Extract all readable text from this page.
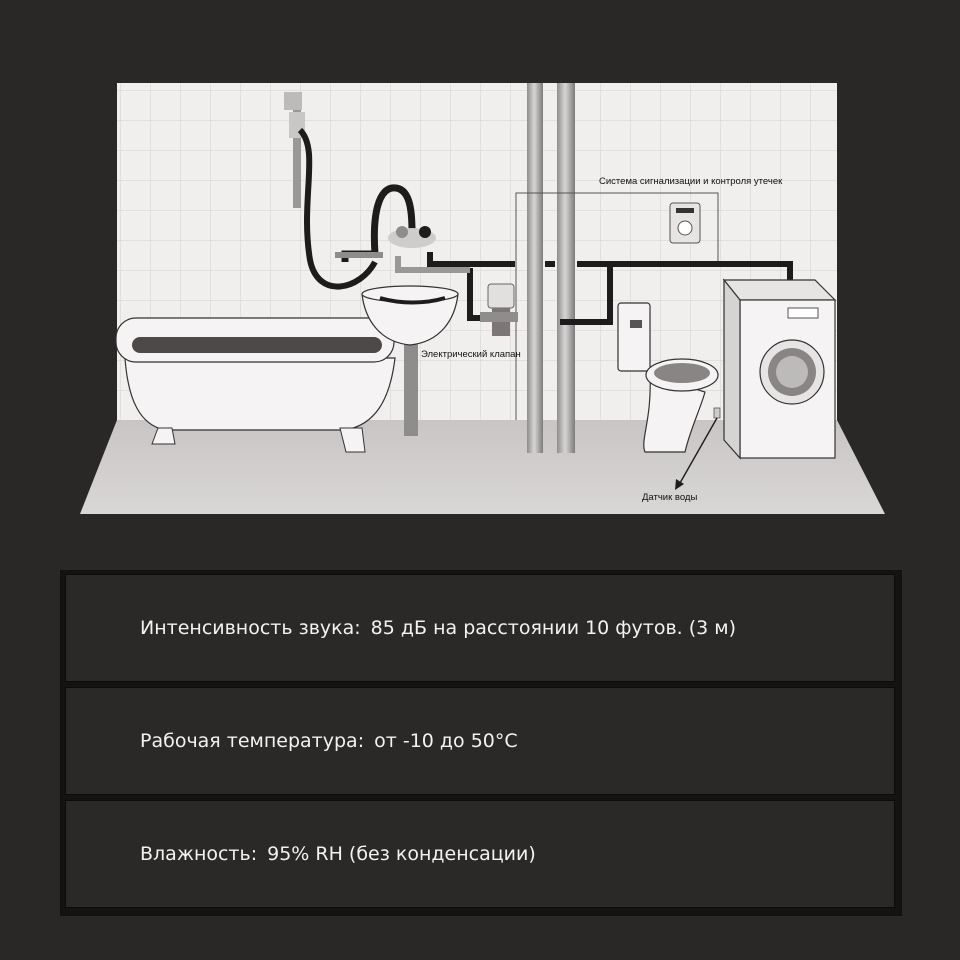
Система сигнализации и контроля утечек
Электрический клапан
Датчик воды
Интенсивность звука: 85 дБ на расстоянии 10 футов. (3 м)
Рабочая температура: от -10 до 50°C
Влажность: 95% RH (без конденсации)
